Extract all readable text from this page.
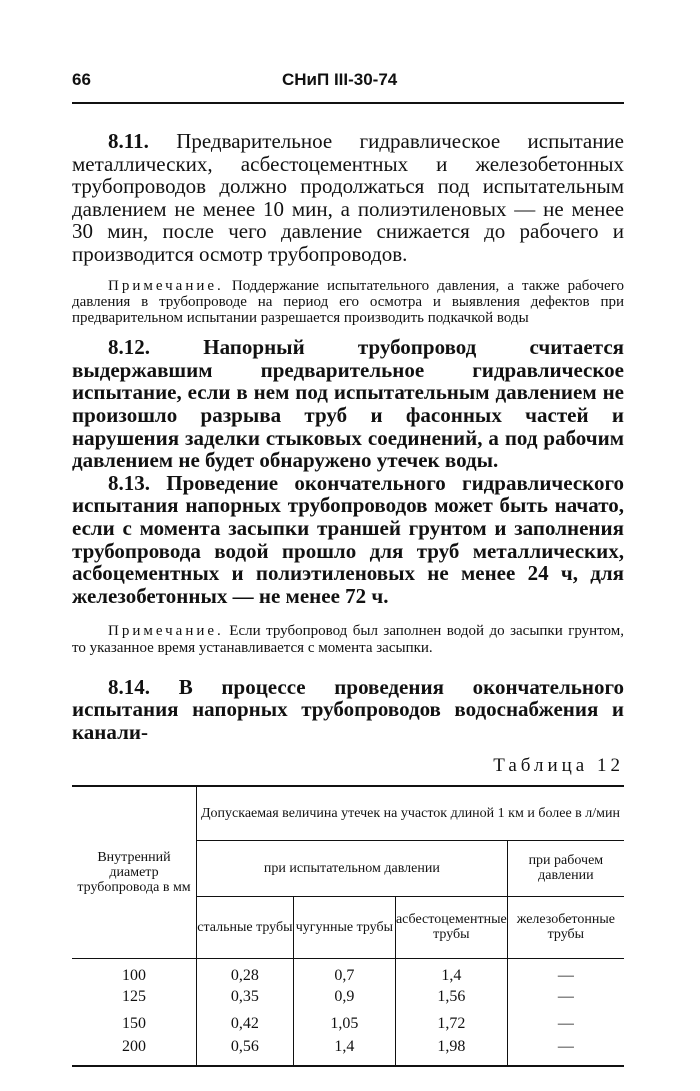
66	СНиП III-30-74

8.11. Предварительное гидравлическое испытание металлических, асбестоцементных и железобетонных трубопроводов должно продолжаться под испытательным давлением не менее 10 мин, а полиэтиленовых — не менее 30 мин, после чего давление снижается до рабочего и производится осмотр трубопроводов.

Примечание. Поддержание испытательного давления, а также рабочего давления в трубопроводе на период его осмотра и выявления дефектов при предварительном испытании разрешается производить подкачкой воды

8.12.	Напорный трубопровод считается выдержавшим предварительное гидравлическое испытание, если в нем под испытательным давлением не произошло разрыва труб и фасонных частей и нарушения заделки стыковых соединений, а под рабочим давлением не будет обнаружено утечек воды.

8.13. Проведение окончательного гидравлического испытания напорных трубопроводов может быть начато, если с момента засыпки траншей грунтом и заполнения трубопровода водой прошло для труб металлических, асбоцементных и полиэтиленовых не менее 24 ч, для железобетонных — не менее 72 ч.

Примечание. Если трубопровод был заполнен водой до засыпки грунтом, то указанное время устанавливается с момента засыпки.

8.14. В процессе проведения окончательного испытания напорных трубопроводов водоснабжения и канали-

Таблица 12

Внутренний диаметр трубопровода в мм	Допускаемая величина утечек на участок длиной 1 км и более в л/мин			
	при испытательном давлении			при рабочем давлении
	стальные трубы	чугунные трубы	асбестоцементные трубы	железобетонные трубы
100	0,28	0,7	1,4	—
125	0,35	0,9	1,56	—
150	0,42	1,05	1,72	—
200	0,56	1,4	1,98	—
